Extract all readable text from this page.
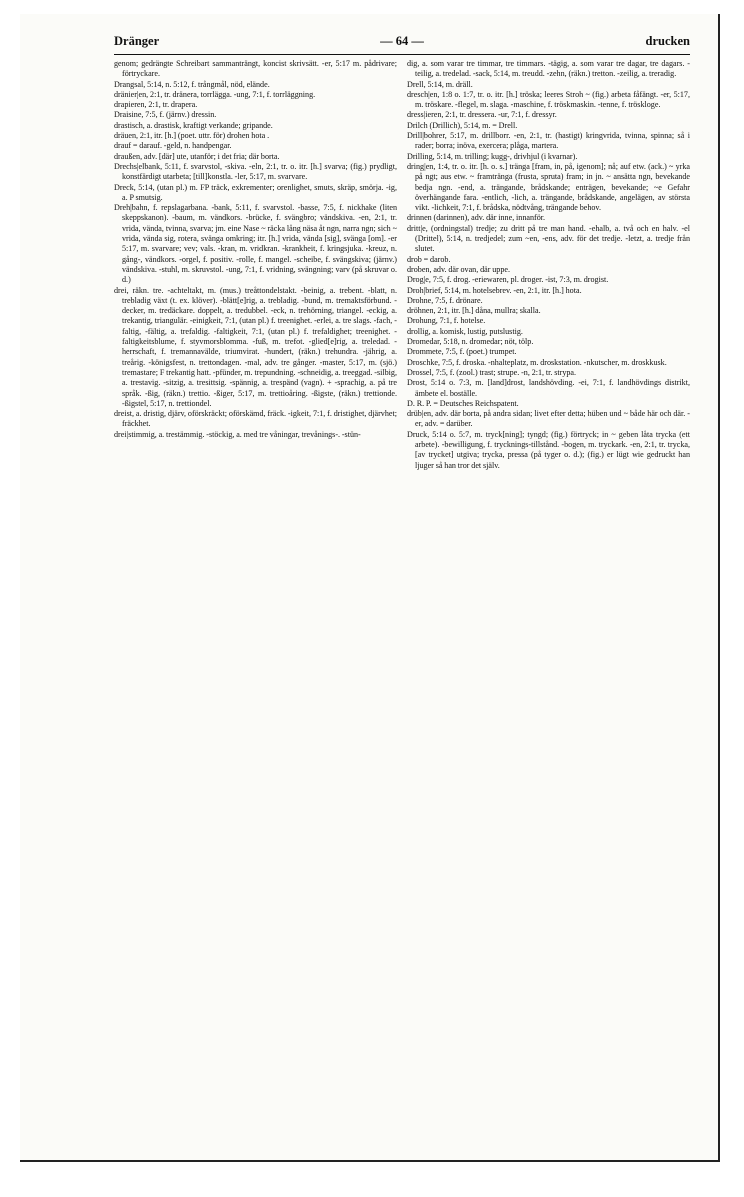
Dränger	— 64 —	drucken

genom; gedrängte Schreibart sammanträngt, koncist skrivsätt. -er, 5:17 m. pådrivare; förtryckare.

Drangsal, 5:14, n. 5:12, f. trångmål, nöd, elände.

dränier|en, 2:1, tr. dränera, torrlägga. -ung, 7:1, f. torrläggning.

drapieren, 2:1, tr. drapera.

Draisine, 7:5, f. (järnv.) dressin.

drastisch, a. drastisk, kraftigt verkande; gripande.

dräuen, 2:1, itr. [h.] (poet. uttr. för) drohen hota .

drauf = darauf. -geld, n. handpengar.

draußen, adv. [där] ute, utanför; i det fria; där borta.

Drechs|elbank, 5:11, f. svarvstol, -skiva. -eln, 2:1, tr. o. itr. [h.] svarva; (fig.) prydligt, konstfärdigt utarbeta; [till]konstla. -ler, 5:17, m. svarvare.

Dreck, 5:14, (utan pl.) m. FP träck, exkrementer; orenlighet, smuts, skräp, smörja. -ig, a. P smutsig.

Dreh|bahn, f. repslagarbana. -bank, 5:11, f. svarvstol. -basse, 7:5, f. nickhake (liten skeppskanon). -baum, m. vändkors. -brücke, f. svängbro; vändskiva. -en, 2:1, tr. vrida, vända, tvinna, svarva; jm. eine Nase ~ räcka lång näsa åt ngn, narra ngn; sich ~ vrida, vända sig, rotera, svänga omkring; itr. [h.] vrida, vända [sig], svänga [om]. -er 5:17, m. svarvare; vev; vals. -kran, m. vridkran. -krankheit, f. kringsjuka. -kreuz, n. gång-, vändkors. -orgel, f. positiv. -rolle, f. mangel. -scheibe, f. svängskiva; (järnv.) vändskiva. -stuhl, m. skruvstol. -ung, 7:1, f. vridning, svängning; varv (på skruvar o. d.)

drei, räkn. tre. -achteltakt, m. (mus.) treåttondelstakt. -beinig, a. trebent. -blatt, n. trebladig växt (t. ex. klöver). -blätt[e]rig, a. trebladig. -bund, m. tremaktsförbund. -decker, m. tredäckare. doppelt, a. tredubbel. -eck, n. trehörning, triangel. -eckig, a. trekantig, triangulär. -einigkeit, 7:1, (utan pl.) f. treenighet. -erlei, a. tre slags. -fach, -faltig, -fältig, a. trefaldig. -faltigkeit, 7:1, (utan pl.) f. trefaldighet; treenighet. -faltigkeitsblume, f. styvmorsblomma. -fuß, m. trefot. -glied[e]rig, a. treledad. -herrschaft, f. tremannavälde, triumvirat. -hundert, (räkn.) trehundra. -jährig, a. treårig. -königsfest, n. trettondagen. -mal, adv. tre gånger. -master, 5:17, m. (sjö.) tremastare; F trekantig hatt. -pfünder, m. trepundning. -schneidig, a. treeggad. -silbig, a. trestavig. -sitzig, a. tresittsig. -spännig, a. trespänd (vagn). + -sprachig, a. på tre språk. -ßig, (räkn.) trettio. -ßiger, 5:17, m. trettioåring. -ßigste, (räkn.) trettionde. -ßigstel, 5:17, n. trettiondel.

dreist, a. dristig, djärv, oförskräckt; oförskämd, fräck. -igkeit, 7:1, f. dristighet, djärvhet; fräckhet.

drei|stimmig, a. trestämmig. -stöckig, a. med tre våningar, trevånings-. -stün-

dig, a. som varar tre timmar, tre timmars. -tägig, a. som varar tre dagar, tre dagars. -teilig, a. tredelad. -sack, 5:14, m. treudd. -zehn, (räkn.) tretton. -zeilig, a. treradig.

Drell, 5:14, m. dräll.

dresch|en, 1:8 o. 1:7, tr. o. itr. [h.] tröska; leeres Stroh ~ (fig.) arbeta fåfängt. -er, 5:17, m. tröskare. -flegel, m. slaga. -maschine, f. tröskmaskin. -tenne, f. tröskloge.

dress|ieren, 2:1, tr. dressera. -ur, 7:1, f. dressyr.

Drilch (Drillich), 5:14, m. = Drell.

Drill|bohrer, 5:17, m. drillborr. -en, 2:1, tr. (hastigt) kringvrida, tvinna, spinna; så i rader; borra; inöva, exercera; plåga, martera.

Drilling, 5:14, m. trilling; kugg-, drivhjul (i kvarnar).

dring|en, 1:4, tr. o. itr. [h. o. s.] tränga [fram, in, på, igenom]; nå; auf etw. (ack.) ~ yrka på ngt; aus etw. ~ framtränga (frusta, spruta) fram; in jn. ~ ansätta ngn, bevekande bedja ngn. -end, a. trängande, brådskande; enträgen, bevekande; ~e Gefahr överhängande fara. -entlich, -lich, a. trängande, brådskande, angelägen, av största vikt. -lichkeit, 7:1, f. brådska, nödtvång, trängande behov.

drinnen (darinnen), adv. där inne, innanför.

dritt|e, (ordningstal) tredje; zu dritt på tre man hand. -ehalb, a. två och en halv. -el (Drittel), 5:14, n. tredjedel; zum ~en, -ens, adv. för det tredje. -letzt, a. tredje från slutet.

drob = darob.

droben, adv. där ovan, där uppe.

Drog|e, 7:5, f. drog. -eriewaren, pl. droger. -ist, 7:3, m. drogist.

Droh|brief, 5:14, m. hotelsebrev. -en, 2:1, itr. [h.] hota.

Drohne, 7:5, f. drönare.

dröhnen, 2:1, itr. [h.] dåna, mullra; skalla.

Drohung, 7:1, f. hotelse.

drollig, a. komisk, lustig, putslustig.

Dromedar, 5:18, n. dromedar; nöt, tölp.

Drommete, 7:5, f. (poet.) trumpet.

Droschke, 7:5, f. droska. -nhalteplatz, m. droskstation. -nkutscher, m. droskkusk.

Drossel, 7:5, f. (zool.) trast; strupe. -n, 2:1, tr. strypa.

Drost, 5:14 o. 7:3, m. [land]drost, landshövding. -ei, 7:1, f. landhövdings distrikt, ämbete el. boställe.

D. R. P. = Deutsches Reichspatent.

drüb|en, adv. där borta, på andra sidan; livet efter detta; hüben und ~ både här och där. -er, adv. = darüber.

Druck, 5:14 o. 5:7, m. tryck[ning]; tyngd; (fig.) förtryck; in ~ geben låta trycka (ett arbete). -bewilligung, f. trycknings-tillstånd. -bogen, m. tryckark. -en, 2:1, tr. trycka, [av trycket] utgiva; trycka, pressa (på tyger o. d.); (fig.) er lügt wie gedruckt han ljuger så han tror det själv.
